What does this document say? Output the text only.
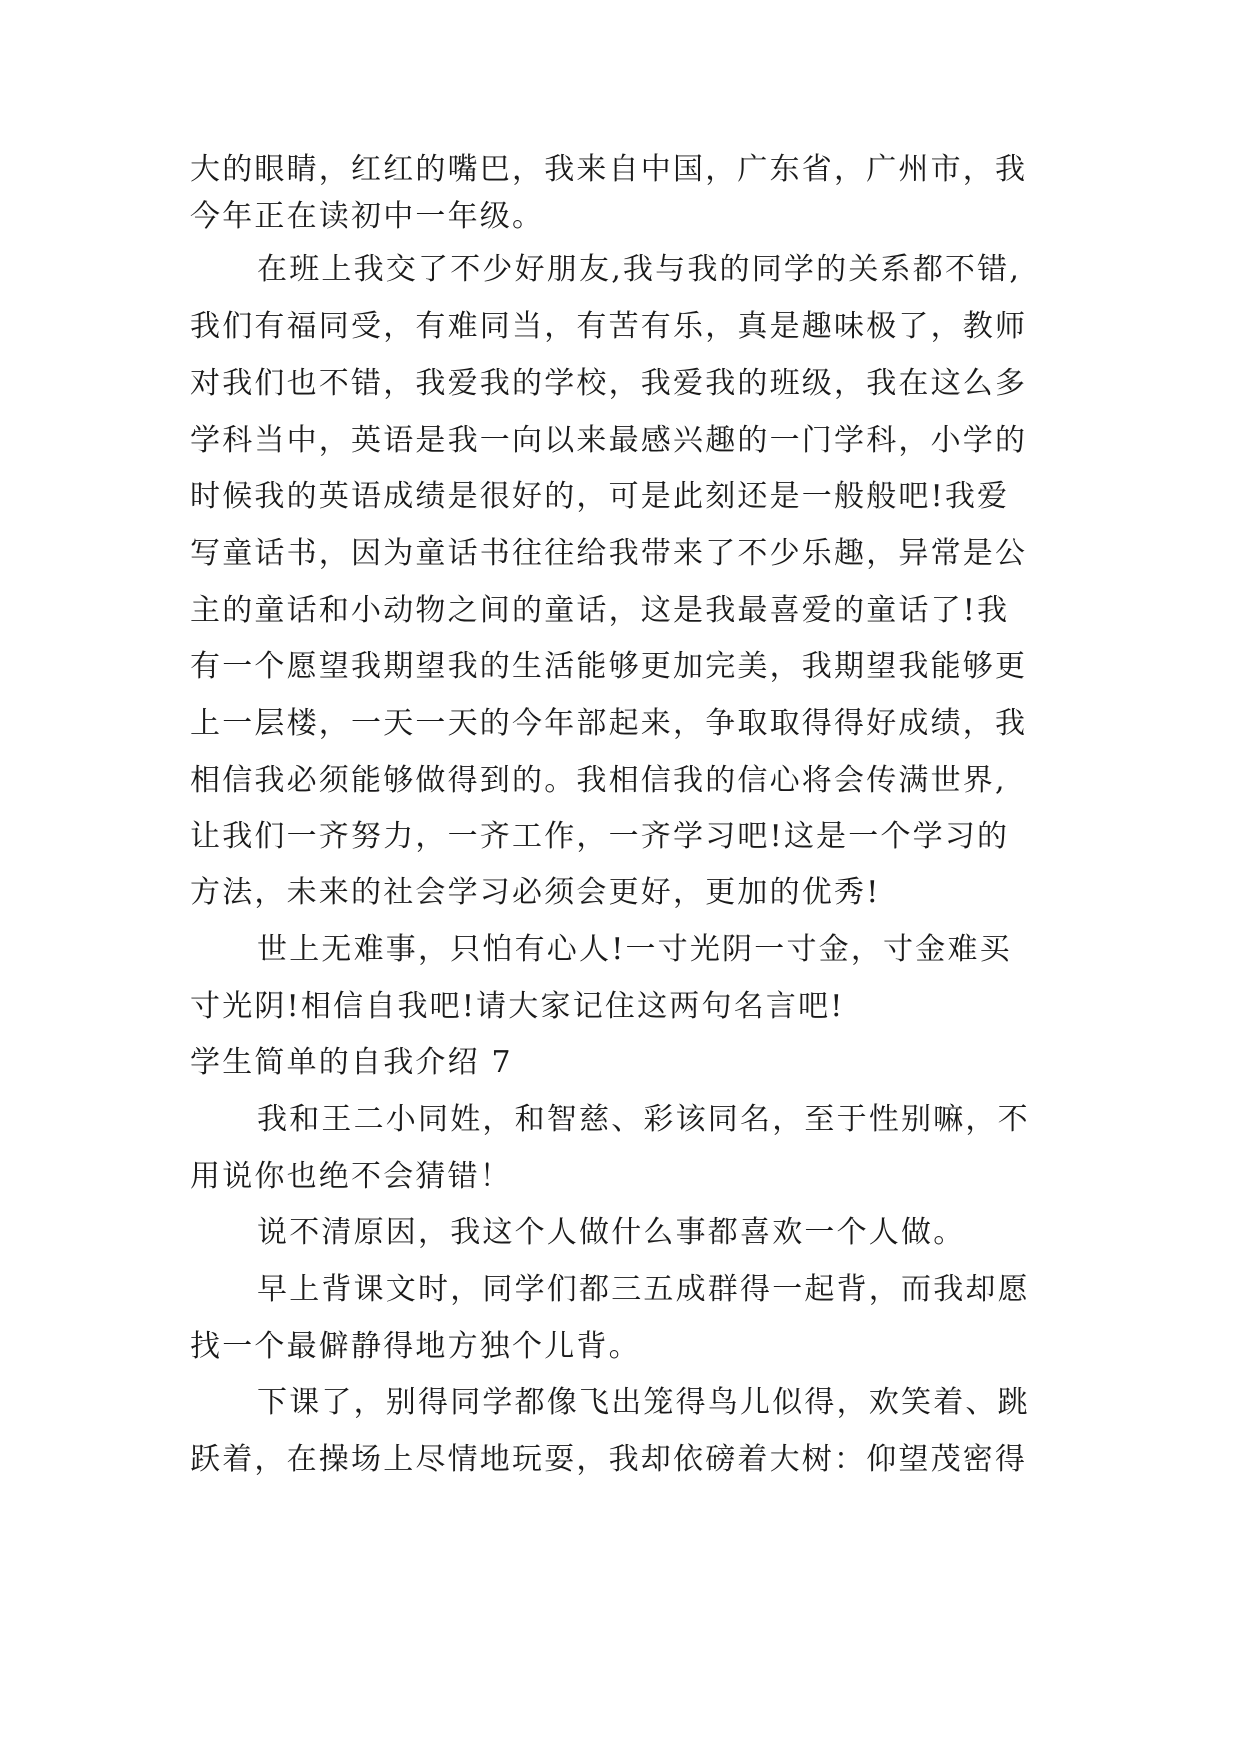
大的眼睛，红红的嘴巴，我来自中国，广东省，广州市，我
今年正在读初中一年级。
在班上我交了不少好朋友,我与我的同学的关系都不错,
我们有福同受，有难同当，有苦有乐，真是趣味极了，教师
对我们也不错，我爱我的学校，我爱我的班级，我在这么多
学科当中，英语是我一向以来最感兴趣的一门学科，小学的
时候我的英语成绩是很好的，可是此刻还是一般般吧!我爱
写童话书，因为童话书往往给我带来了不少乐趣，异常是公
主的童话和小动物之间的童话，这是我最喜爱的童话了!我
有一个愿望我期望我的生活能够更加完美，我期望我能够更
上一层楼，一天一天的今年部起来，争取取得得好成绩，我
相信我必须能够做得到的。我相信我的信心将会传满世界,
让我们一齐努力，一齐工作，一齐学习吧!这是一个学习的
方法，未来的社会学习必须会更好，更加的优秀!
世上无难事，只怕有心人!一寸光阴一寸金，寸金难买
寸光阴!相信自我吧!请大家记住这两句名言吧!
学生简单的自我介绍 7
我和王二小同姓，和智慈、彩该同名，至于性别嘛，不
用说你也绝不会猜错！
说不清原因，我这个人做什么事都喜欢一个人做。
早上背课文时，同学们都三五成群得一起背，而我却愿
找一个最僻静得地方独个儿背。
下课了，别得同学都像飞出笼得鸟儿似得，欢笑着、跳
跃着，在操场上尽情地玩耍，我却依磅着大树：仰望茂密得
